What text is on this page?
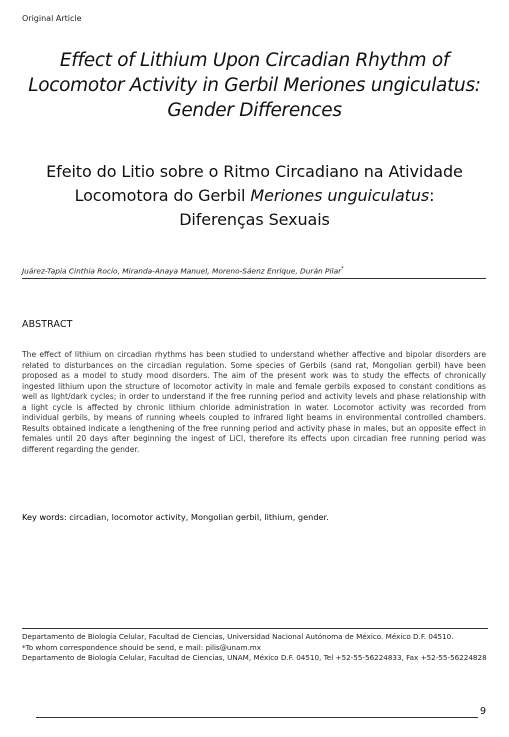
Original Article
Effect of Lithium Upon Circadian Rhythm of
Locomotor Activity in Gerbil Meriones ungiculatus:
Gender Differences
Efeito do Litio sobre o Ritmo Circadiano na Atividade
Locomotora do Gerbil Meriones unguiculatus:
Diferenças Sexuais
Juárez-Tapia Cinthia Rocío, Miranda-Anaya Manuel, Moreno-Sáenz Enrique, Durán Pilar*
ABSTRACT
The effect of lithium on circadian rhythms has been studied to understand whether affective and bipolar disorders are related to disturbances on the circadian regulation. Some species of Gerbils (sand rat, Mongolian gerbil) have been proposed as a model to study mood disorders. The aim of the present work was to study the effects of chronically ingested lithium upon the structure of locomotor activity in male and female gerbils exposed to constant conditions as well as light/dark cycles; in order to understand if the free running period and activity levels and phase relationship with a light cycle is affected by chronic lithium chloride administration in water. Locomotor activity was recorded from individual gerbils, by means of running wheels coupled to infrared light beams in environmental controlled chambers. Results obtained indicate a lengthening of the free running period and activity phase in males, but an opposite effect in females until 20 days after beginning the ingest of LiCl, therefore its effects upon circadian free running period was different regarding the gender.
Key words: circadian, locomotor activity, Mongolian gerbil, lithium, gender.

Departamento de Biología Celular, Facultad de Ciencias, Universidad Nacional Autónoma de México. México D.F. 04510.

*To whom correspondence should be send, e mail: pilis@unam.mx

Departamento de Biología Celular, Facultad de Ciencias, UNAM, México D.F. 04510, Tel +52-55-56224833, Fax +52-55-56224828

9
